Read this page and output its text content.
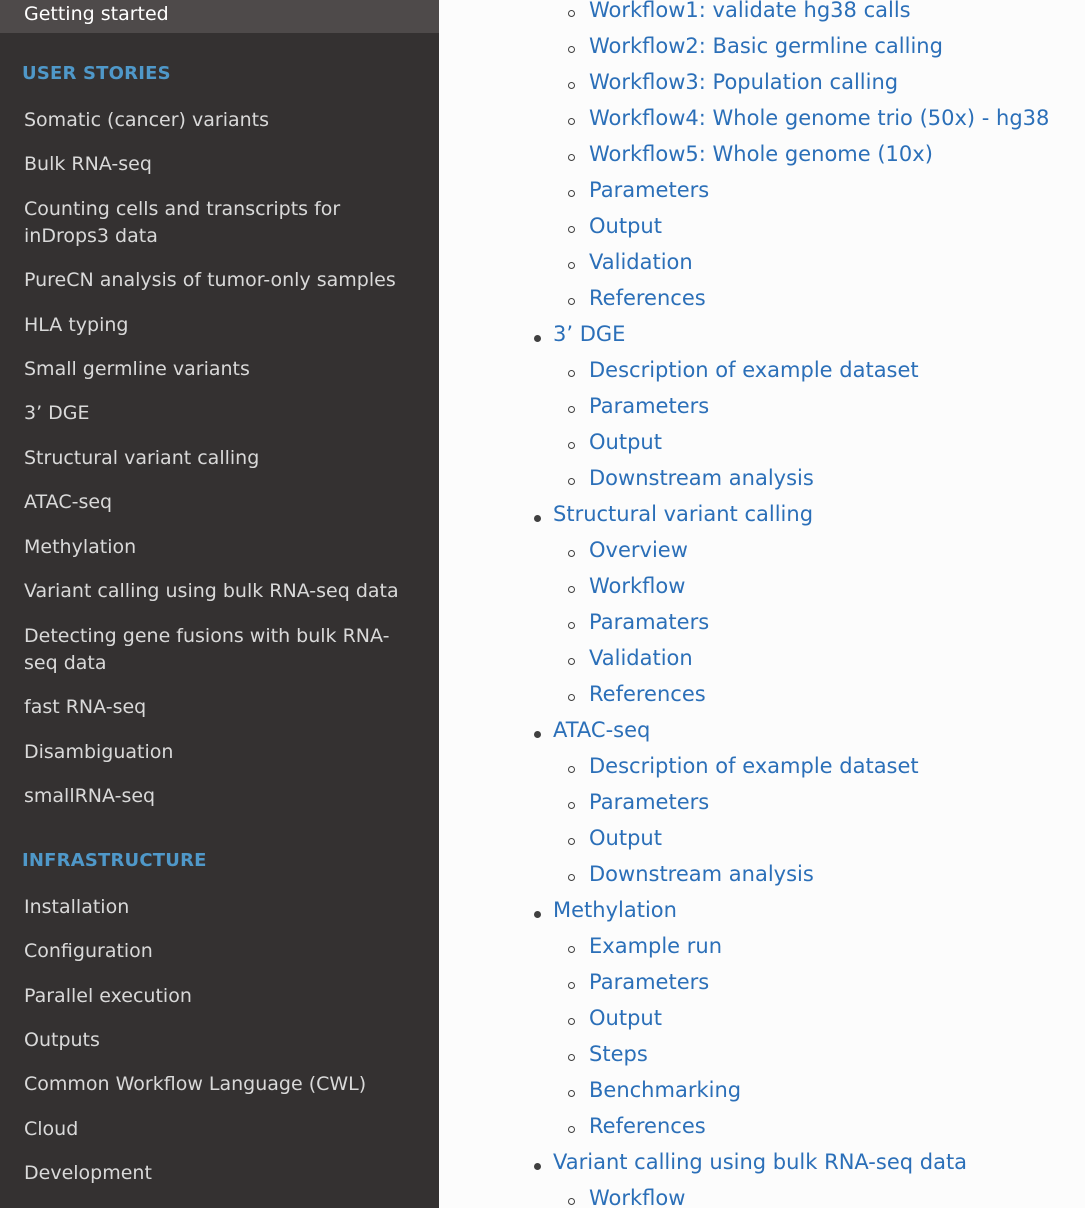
Getting started
USER STORIES
Somatic (cancer) variants
Bulk RNA-seq
Counting cells and transcripts for inDrops3 data
PureCN analysis of tumor-only samples
HLA typing
Small germline variants
3’ DGE
Structural variant calling
ATAC-seq
Methylation
Variant calling using bulk RNA-seq data
Detecting gene fusions with bulk RNA-seq data
fast RNA-seq
Disambiguation
smallRNA-seq
INFRASTRUCTURE
Installation
Configuration
Parallel execution
Outputs
Common Workflow Language (CWL)
Cloud
Development
Workflow1: validate hg38 calls
Workflow2: Basic germline calling
Workflow3: Population calling
Workflow4: Whole genome trio (50x) - hg38
Workflow5: Whole genome (10x)
Parameters
Output
Validation
References
3’ DGE
Description of example dataset
Parameters
Output
Downstream analysis
Structural variant calling
Overview
Workflow
Paramaters
Validation
References
ATAC-seq
Description of example dataset
Parameters
Output
Downstream analysis
Methylation
Example run
Parameters
Output
Steps
Benchmarking
References
Variant calling using bulk RNA-seq data
Workflow
